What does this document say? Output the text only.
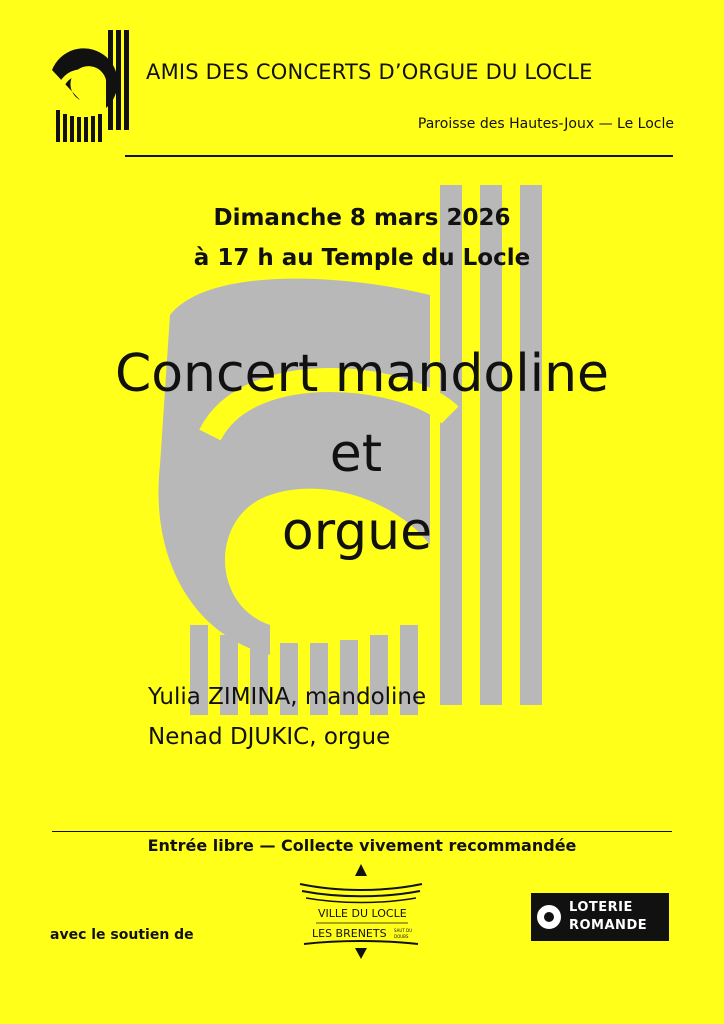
AMIS DES CONCERTS D’ORGUE DU LOCLE
Paroisse des Hautes-Joux — Le Locle
Dimanche 8 mars 2026
à 17 h au Temple du Locle
Concert mandoline
et
orgue
Yulia ZIMINA, mandoline
Nenad DJUKIC, orgue
Entrée libre — Collecte vivement recommandée
avec le soutien de
VILLE DU LOCLE
LES BRENETS SAUT DU
DOUBS
LOTERIE
ROMANDE
